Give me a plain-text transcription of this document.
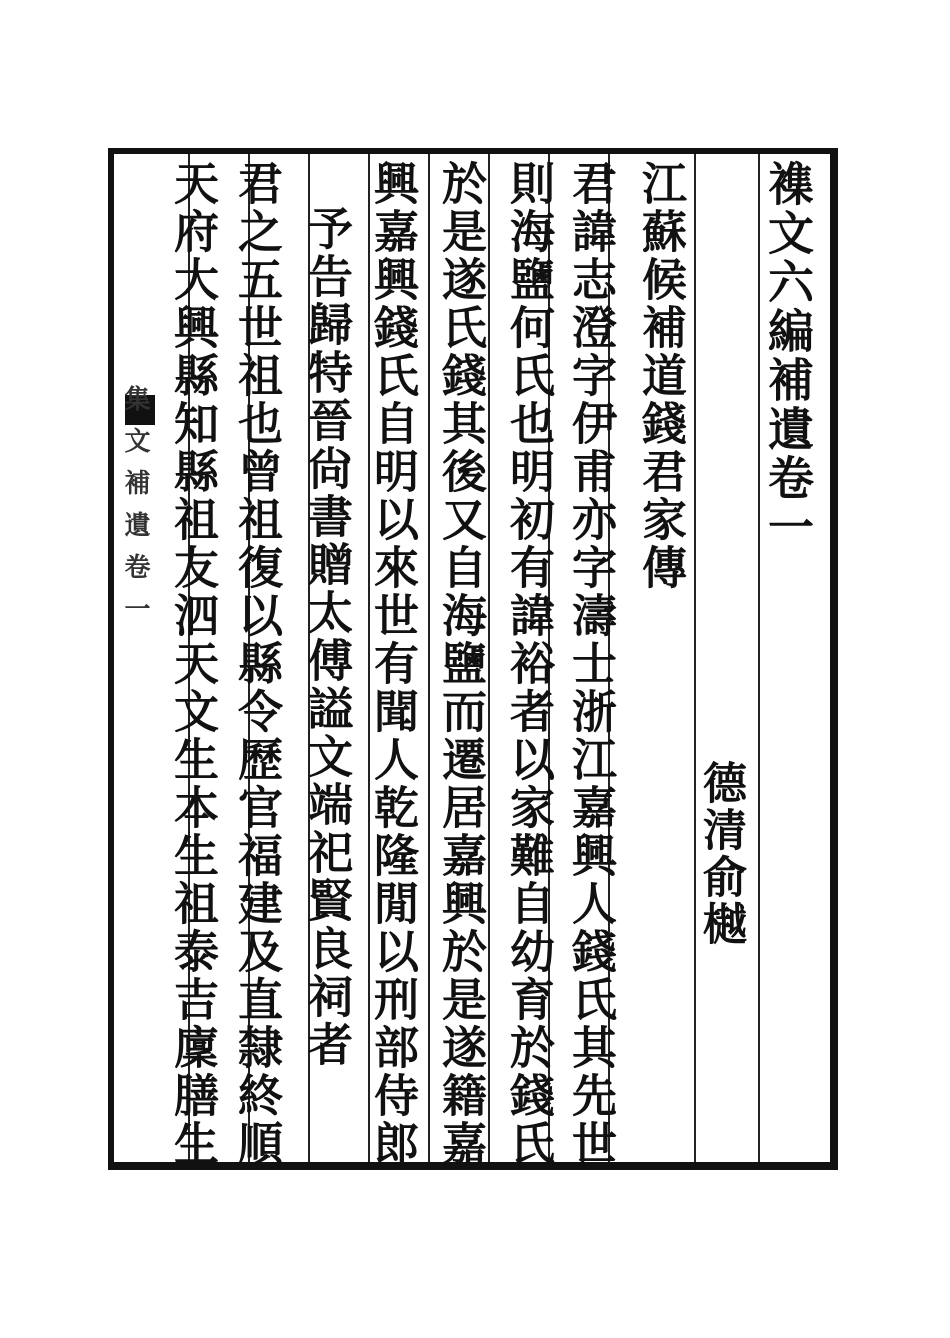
集文補遺卷一	襍文六編補遺卷一
德清俞樾
江蘇候補道錢君家傳
君諱志澄字伊甫亦字濤士浙江嘉興人錢氏其先世
則海鹽何氏也明初有諱裕者以家難自幼育於錢氏
於是遂氏錢其後又自海鹽而遷居嘉興於是遂籍嘉
興嘉興錢氏自明以來世有聞人乾隆閒以刑部侍郎
予告歸特晉尙書贈太傅謚文端祀賢良祠者
君之五世祖也曾祖復以縣令歷官福建及直隸終順
天府大興縣知縣祖友泗天文生本生祖泰吉廩膳生
